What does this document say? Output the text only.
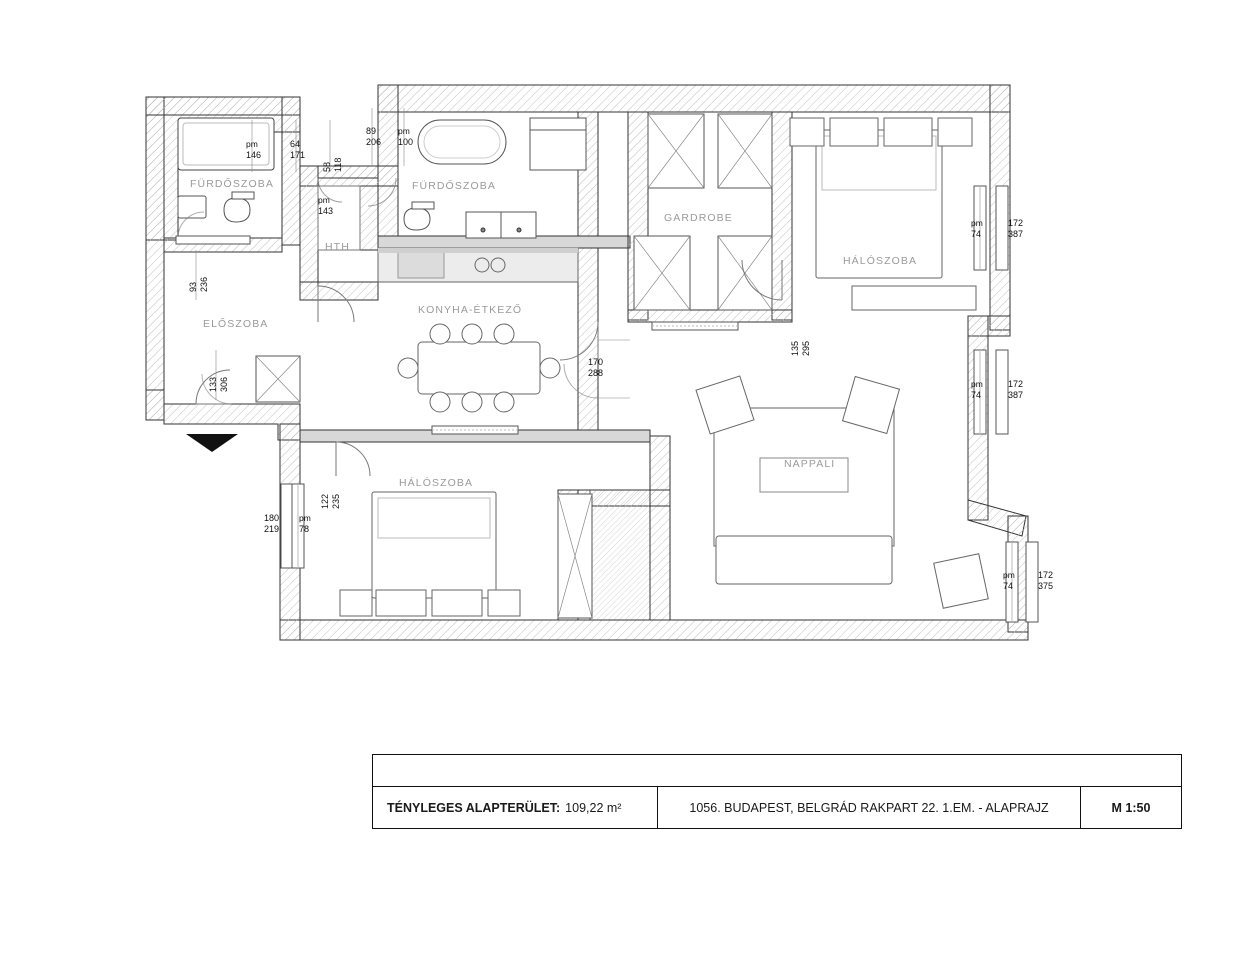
FÜRDŐSZOBA
ELŐSZOBA
HTH
FÜRDŐSZOBA
KONYHA-ÉTKEZŐ
GARDROBE
HÁLÓSZOBA
NAPPALI
HÁLÓSZOBA
pm
146
64
171
58 118
89
206
pm
100
pm
143
93 236
133 306
170
288
135 295
pm
74
172
387
pm
74
172
387
pm
74
172
375
180
219
pm
78
122 235
TÉNYLEGES ALAPTERÜLET: 109,22 m²	1056. BUDAPEST, BELGRÁD RAKPART 22. 1.EM. - ALAPRAJZ	M 1:50
